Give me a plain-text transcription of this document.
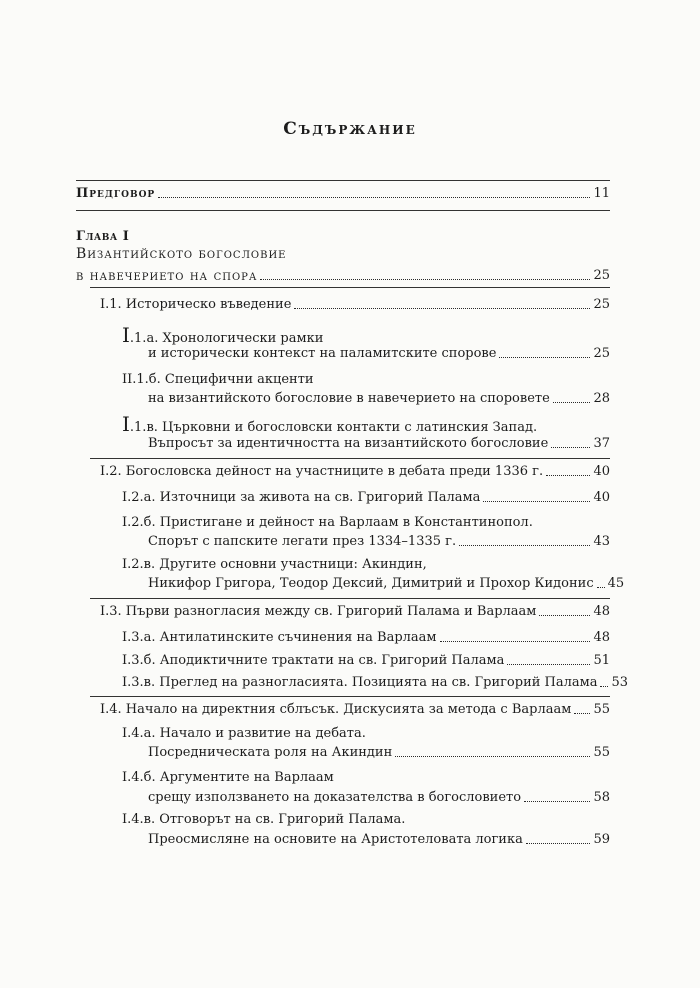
Съдържание
Предговор	11
Глава I
Византийското богословие
в навечерието на спора	25
I.1. Историческо въведение	25
I.1.а. Хронологически рамки
и исторически контекст на паламитските спорове	25
II.1.б. Специфични акценти
на византийското богословие в навечерието на споровете	28
I.1.в. Църковни и богословски контакти с латинския Запад.
Въпросът за идентичността на византийското богословие	37
I.2. Богословска дейност на участниците в дебата преди 1336 г.	40
I.2.а. Източници за живота на св. Григорий Палама	40
I.2.б. Пристигане и дейност на Варлаам в Константинопол.
Спорът с папските легати през 1334–1335 г.	43
I.2.в. Другите основни участници: Акиндин,
Никифор Григора, Теодор Дексий, Димитрий и Прохор Кидонис 45
I.3. Първи разногласия между св. Григорий Палама и Варлаам	48
I.3.а. Антилатинските съчинения на Варлаам	48
I.3.б. Аподиктичните трактати на св. Григорий Палама	51
I.3.в. Преглед на разногласията. Позицията на св. Григорий Палама 53
I.4. Начало на директния сблъсък. Дискусията за метода с Варлаам 55
I.4.а. Начало и развитие на дебата.
Посредническата роля на Акиндин	55
I.4.б. Аргументите на Варлаам
срещу използването на доказателства в богословието	58
I.4.в. Отговорът на св. Григорий Палама.
Преосмисляне на основите на Аристотеловата логика	59
